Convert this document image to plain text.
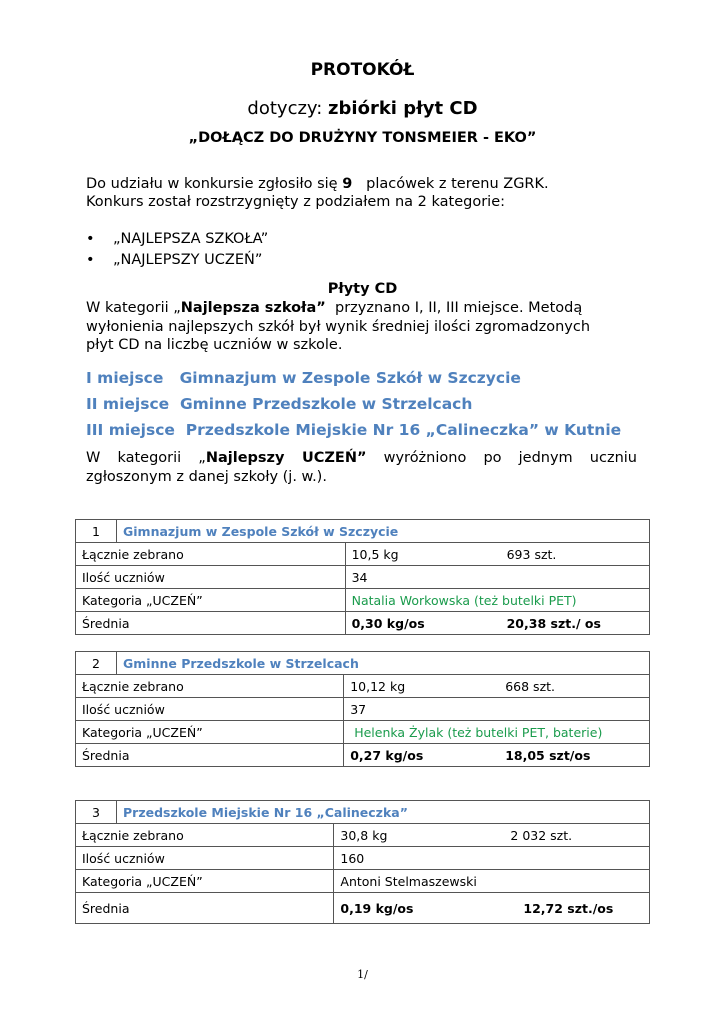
PROTOKÓŁ
dotyczy: zbiórki płyt CD
„DOŁĄCZ DO DRUŻYNY TONSMEIER - EKO”
Do udziału w konkursie zgłosiło się 9   placówek z terenu ZGRK.
Konkurs został rozstrzygnięty z podziałem na 2 kategorie:
• „NAJLEPSZA SZKOŁA”
• „NAJLEPSZY UCZEŃ”
Płyty CD
W kategorii „Najlepsza szkoła”  przyznano I, II, III miejsce. Metodą
wyłonienia najlepszych szkół był wynik średniej ilości zgromadzonych
płyt CD na liczbę uczniów w szkole.
I miejsce   Gimnazjum w Zespole Szkół w Szczycie
II miejsce  Gminne Przedszkole w Strzelcach
III miejsce  Przedszkole Miejskie Nr 16 „Calineczka” w Kutnie
W kategorii „Najlepszy UCZEŃ” wyróżniono po jednym uczniu
zgłoszonym z danej szkoły (j. w.).
1	Gimnazjum w Zespole Szkół w Szczycie	
Łącznie zebrano		10,5 kg 693 szt.

Ilość uczniów		34
Kategoria „UCZEŃ”		Natalia Workowska (też butelki PET)
Średnia		0,30 kg/os 20,38 szt./ os
2	Gminne Przedszkole w Strzelcach	
Łącznie zebrano		10,12 kg 668 szt.

Ilość uczniów		37
Kategoria „UCZEŃ”		Helenka Żylak (też butelki PET, baterie)
Średnia		0,27 kg/os 18,05 szt/os
3	Przedszkole Miejskie Nr 16 „Calineczka”	
Łącznie zebrano		30,8 kg 2 032 szt.

Ilość uczniów		160
Kategoria „UCZEŃ”		Antoni Stelmaszewski
Średnia		0,19 kg/os 12,72 szt./os
1/
